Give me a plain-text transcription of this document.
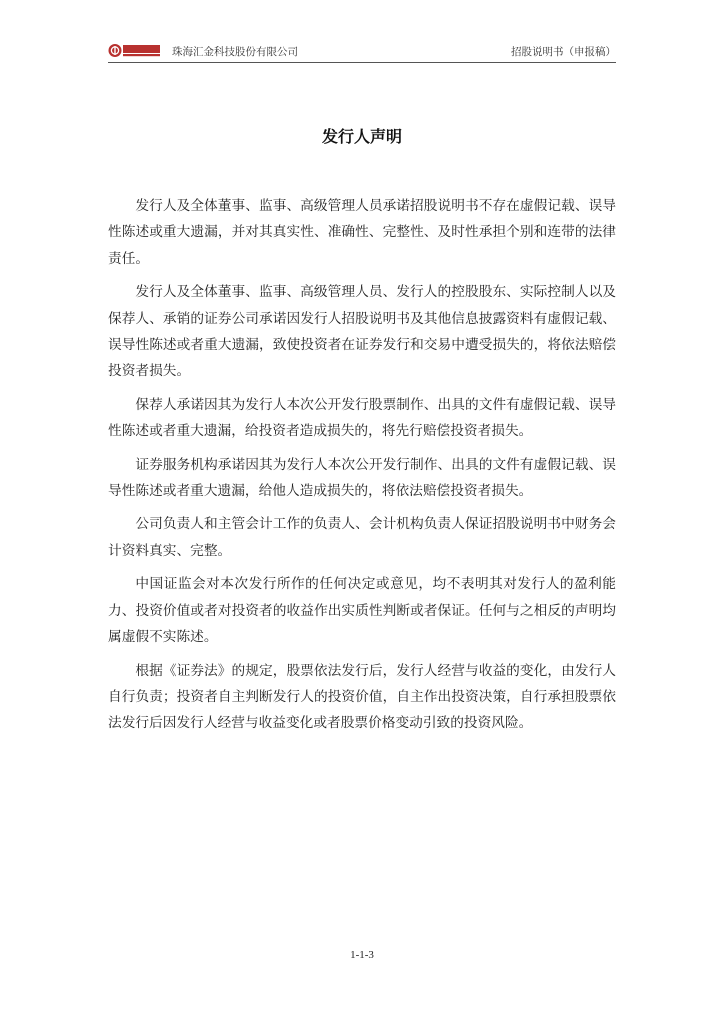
珠海汇金科技股份有限公司	招股说明书（申报稿）
发行人声明

发行人及全体董事、监事、高级管理人员承诺招股说明书不存在虚假记载、误导性陈述或重大遗漏，并对其真实性、准确性、完整性、及时性承担个别和连带的法律责任。

发行人及全体董事、监事、高级管理人员、发行人的控股股东、实际控制人以及保荐人、承销的证券公司承诺因发行人招股说明书及其他信息披露资料有虚假记载、误导性陈述或者重大遗漏，致使投资者在证券发行和交易中遭受损失的，将依法赔偿投资者损失。

保荐人承诺因其为发行人本次公开发行股票制作、出具的文件有虚假记载、误导性陈述或者重大遗漏，给投资者造成损失的，将先行赔偿投资者损失。

证券服务机构承诺因其为发行人本次公开发行制作、出具的文件有虚假记载、误导性陈述或者重大遗漏，给他人造成损失的，将依法赔偿投资者损失。

公司负责人和主管会计工作的负责人、会计机构负责人保证招股说明书中财务会计资料真实、完整。

中国证监会对本次发行所作的任何决定或意见，均不表明其对发行人的盈利能力、投资价值或者对投资者的收益作出实质性判断或者保证。任何与之相反的声明均属虚假不实陈述。

根据《证券法》的规定，股票依法发行后，发行人经营与收益的变化，由发行人自行负责；投资者自主判断发行人的投资价值，自主作出投资决策，自行承担股票依法发行后因发行人经营与收益变化或者股票价格变动引致的投资风险。

1-1-3
